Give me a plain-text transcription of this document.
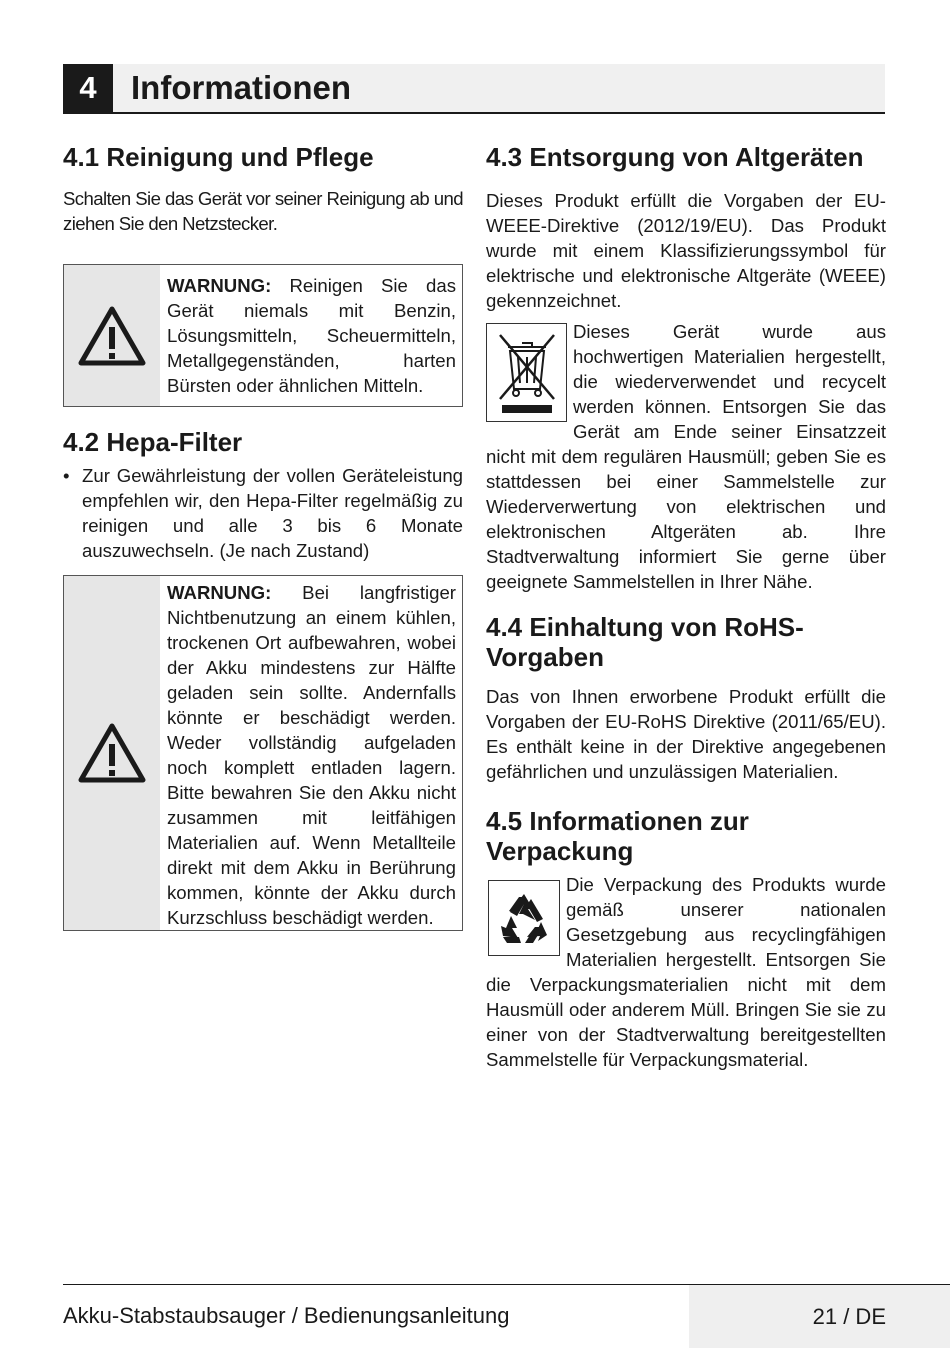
4	Informationen
4.1 Reinigung und Pflege

Schalten Sie das Gerät vor seiner Reinigung ab und ziehen Sie den Netzstecker.

WARNUNG: Reinigen Sie das Gerät niemals mit Benzin, Lösungsmitteln, Scheuermitteln, Metallgegenständen, harten Bürsten oder ähnlichen Mitteln.

4.2 Hepa-Filter
• Zur Gewährleistung der vollen Geräteleistung empfehlen wir, den Hepa-Filter regelmäßig zu reinigen und alle 3 bis 6 Monate auszuwechseln. (Je nach Zustand)

WARNUNG: Bei langfristiger Nichtbenutzung an einem kühlen, trockenen Ort aufbewahren, wobei der Akku mindestens zur Hälfte geladen sein sollte. Andernfalls könnte er beschädigt werden. Weder vollständig aufgeladen noch komplett entladen lagern. Bitte bewahren Sie den Akku nicht zusammen mit leitfähigen Materialien auf. Wenn Metallteile direkt mit dem Akku in Berührung kommen, könnte der Akku durch Kurzschluss beschädigt werden.

4.3 Entsorgung von Altgeräten

Dieses Produkt erfüllt die Vorgaben der EU-WEEE-Direktive (2012/19/EU). Das Produkt wurde mit einem Klassifizierungssymbol für elektrische und elektronische Altgeräte (WEEE) gekennzeichnet.

Dieses Gerät wurde aus hochwertigen Materialien hergestellt, die wiederverwendet und recycelt werden können. Entsorgen Sie das Gerät am Ende seiner Einsatzzeit nicht mit dem regulären Hausmüll; geben Sie es stattdessen bei einer Sammelstelle zur Wiederverwertung von elektrischen und elektronischen Altgeräten ab. Ihre Stadtverwaltung informiert Sie gerne über geeignete Sammelstellen in Ihrer Nähe.

4.4 Einhaltung von RoHS-Vorgaben

Das von Ihnen erworbene Produkt erfüllt die Vorgaben der EU-RoHS Direktive (2011/65/EU). Es enthält keine in der Direktive angegebenen gefährlichen und unzulässigen Materialien.

4.5 Informationen zur Verpackung

Die Verpackung des Produkts wurde gemäß unserer nationalen Gesetzgebung aus recyclingfähigen Materialien hergestellt. Entsorgen Sie die Verpackungsmaterialien nicht mit dem Hausmüll oder anderem Müll. Bringen Sie sie zu einer von der Stadtverwaltung bereitgestellten Sammelstelle für Verpackungsmaterial.

Akku-Stabstaubsauger / Bedienungsanleitung	21 / DE
